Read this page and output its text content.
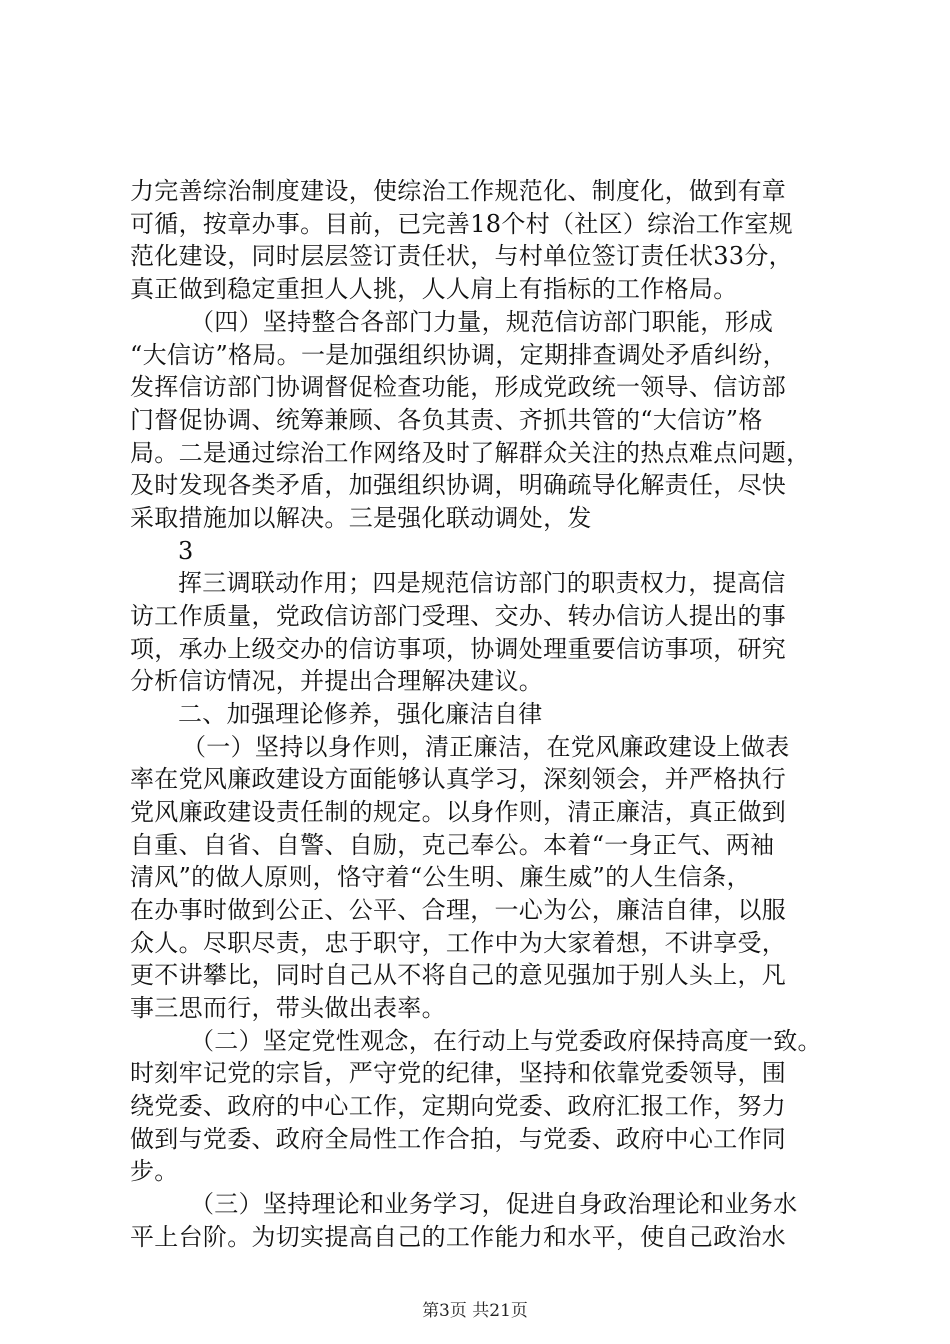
力完善综治制度建设，使综治工作规范化、制度化，做到有章
可循，按章办事。目前，已完善18个村（社区）综治工作室规
范化建设，同时层层签订责任状，与村单位签订责任状33分，
真正做到稳定重担人人挑，人人肩上有指标的工作格局。
（四）坚持整合各部门力量，规范信访部门职能，形成
“大信访”格局。一是加强组织协调，定期排查调处矛盾纠纷，
发挥信访部门协调督促检查功能，形成党政统一领导、信访部
门督促协调、统筹兼顾、各负其责、齐抓共管的“大信访”格
局。二是通过综治工作网络及时了解群众关注的热点难点问题，
及时发现各类矛盾，加强组织协调，明确疏导化解责任，尽快
采取措施加以解决。三是强化联动调处，发
3
挥三调联动作用；四是规范信访部门的职责权力，提高信
访工作质量，党政信访部门受理、交办、转办信访人提出的事
项，承办上级交办的信访事项，协调处理重要信访事项，研究
分析信访情况，并提出合理解决建议。
二、加强理论修养，强化廉洁自律
（一）坚持以身作则，清正廉洁，在党风廉政建设上做表
率在党风廉政建设方面能够认真学习，深刻领会，并严格执行
党风廉政建设责任制的规定。以身作则，清正廉洁，真正做到
自重、自省、自警、自励，克己奉公。本着“一身正气、两袖
清风”的做人原则，恪守着“公生明、廉生威”的人生信条，
在办事时做到公正、公平、合理，一心为公，廉洁自律，以服
众人。尽职尽责，忠于职守，工作中为大家着想，不讲享受，
更不讲攀比，同时自己从不将自己的意见强加于别人头上，凡
事三思而行，带头做出表率。
（二）坚定党性观念，在行动上与党委政府保持高度一致。
时刻牢记党的宗旨，严守党的纪律，坚持和依靠党委领导，围
绕党委、政府的中心工作，定期向党委、政府汇报工作，努力
做到与党委、政府全局性工作合拍，与党委、政府中心工作同
步。
（三）坚持理论和业务学习，促进自身政治理论和业务水
平上台阶。为切实提高自己的工作能力和水平，使自己政治水
第3页 共21页
